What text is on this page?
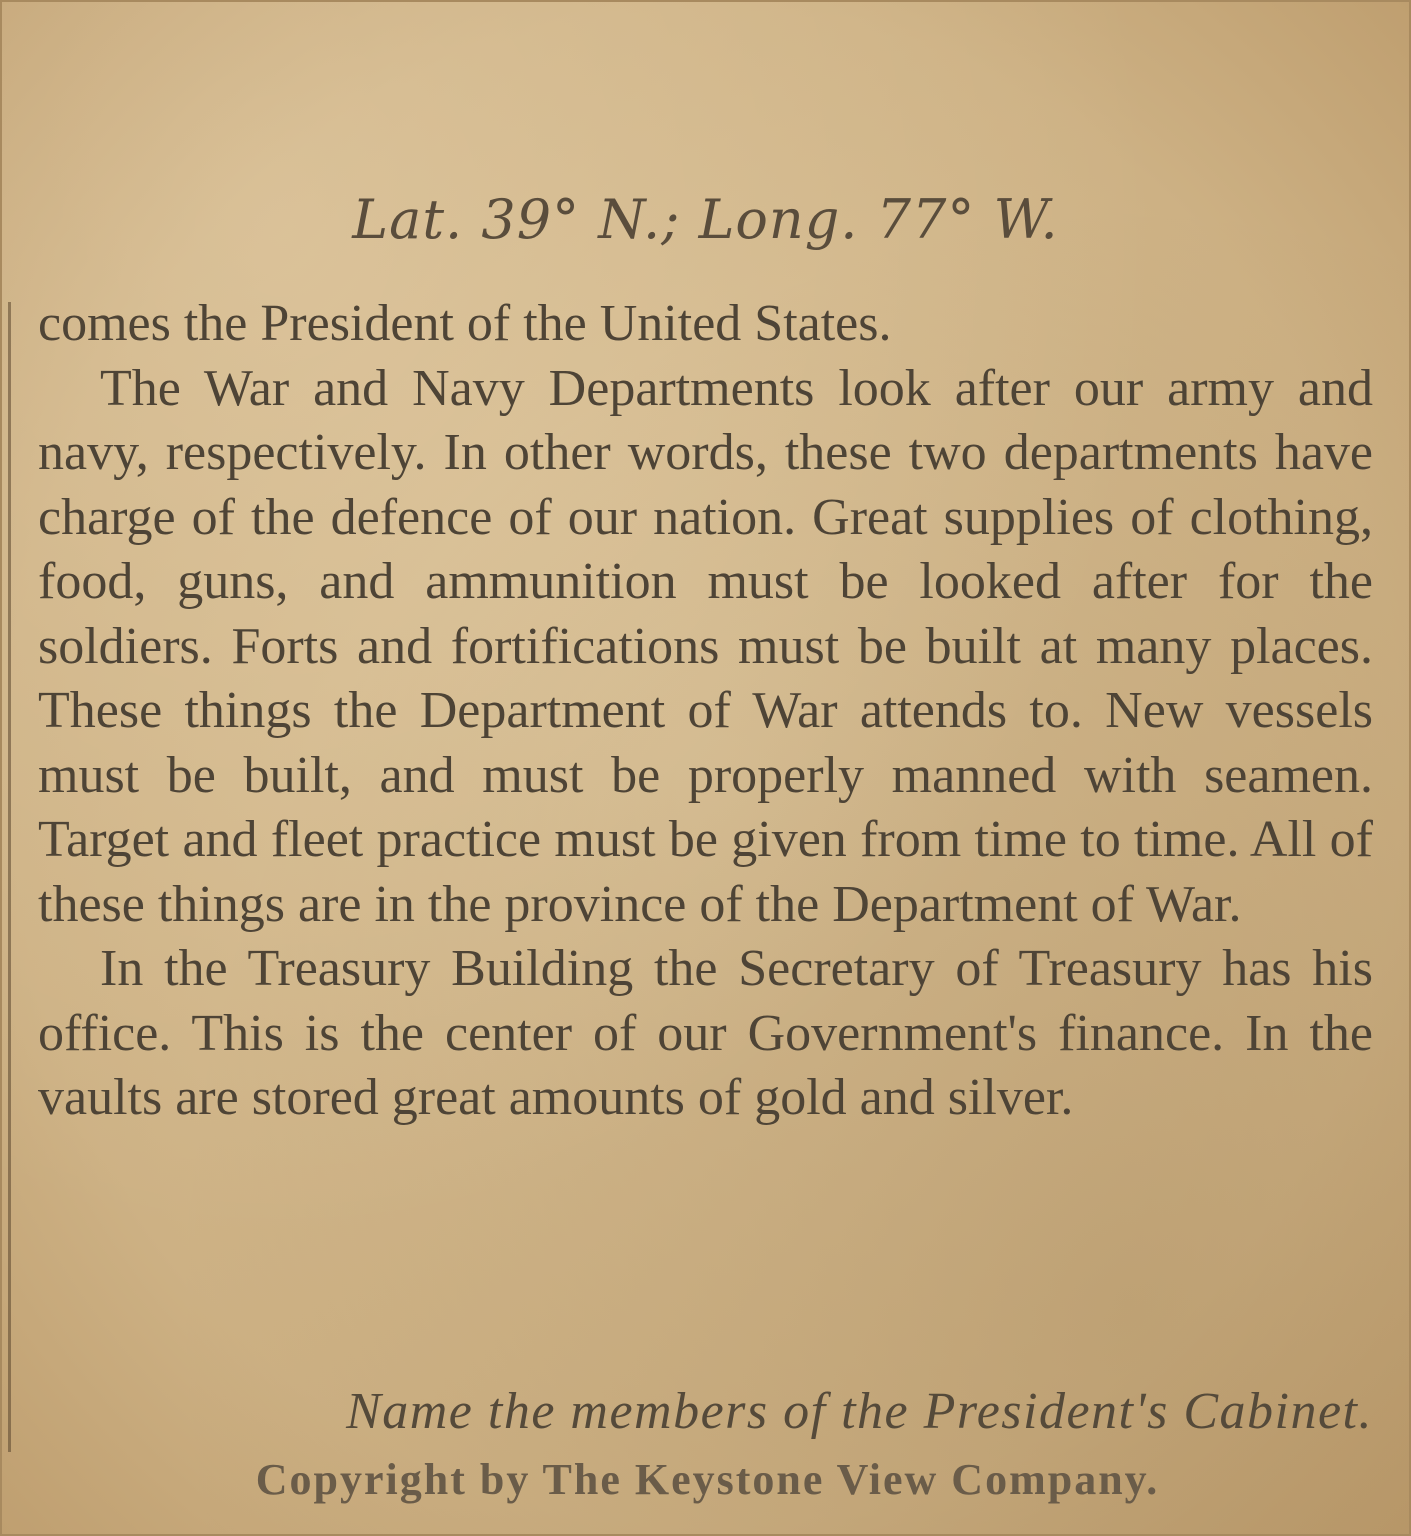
Lat. 39° N.; Long. 77° W.

comes the President of the United States.

The War and Navy Departments look after our army and navy, respectively. In other words, these two departments have charge of the defence of our nation. Great supplies of clothing, food, guns, and ammunition must be looked after for the soldiers. Forts and fortifications must be built at many places. These things the Department of War attends to. New vessels must be built, and must be properly manned with seamen. Target and fleet practice must be given from time to time. All of these things are in the province of the Department of War.

In the Treasury Building the Secretary of Treasury has his office. This is the center of our Government's finance. In the vaults are stored great amounts of gold and silver.

Name the members of the President's Cabinet.
Copyright by The Keystone View Company.
